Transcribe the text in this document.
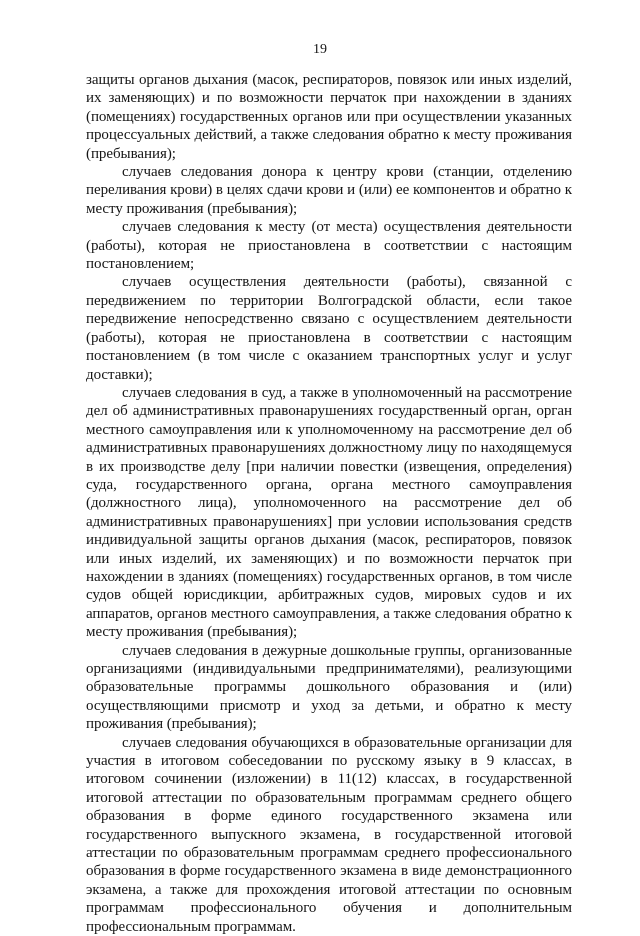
19

защиты органов дыхания (масок, респираторов, повязок или иных изделий, их заменяющих) и по возможности перчаток при нахождении в зданиях (помещениях) государственных органов или при осуществлении указанных процессуальных действий, а также следования обратно к месту проживания (пребывания);

случаев следования донора к центру крови (станции, отделению переливания крови) в целях сдачи крови и (или) ее компонентов и обратно к месту проживания (пребывания);

случаев следования к месту (от места) осуществления деятельности (работы), которая не приостановлена в соответствии с настоящим постановлением;

случаев осуществления деятельности (работы), связанной с передвижением по территории Волгоградской области, если такое передвижение непосредственно связано с осуществлением деятельности (работы), которая не приостановлена в соответствии с настоящим постановлением (в том числе с оказанием транспортных услуг и услуг доставки);

случаев следования в суд, а также в уполномоченный на рассмотрение дел об административных правонарушениях государственный орган, орган местного самоуправления или к уполномоченному на рассмотрение дел об административных правонарушениях должностному лицу по находящемуся в их производстве делу [при наличии повестки (извещения, определения) суда, государственного органа, органа местного самоуправления (должностного лица), уполномоченного на рассмотрение дел об административных правонарушениях] при условии использования средств индивидуальной защиты органов дыхания (масок, респираторов, повязок или иных изделий, их заменяющих) и по возможности перчаток при нахождении в зданиях (помещениях) государственных органов, в том числе судов общей юрисдикции, арбитражных судов, мировых судов и их аппаратов, органов местного самоуправления, а также следования обратно к месту проживания (пребывания);

случаев следования в дежурные дошкольные группы, организованные организациями (индивидуальными предпринимателями), реализующими образовательные программы дошкольного образования и (или) осуществляющими присмотр и уход за детьми, и обратно к месту проживания (пребывания);

случаев следования обучающихся в образовательные организации для участия в итоговом собеседовании по русскому языку в 9 классах, в итоговом сочинении (изложении) в 11(12) классах, в государственной итоговой аттестации по образовательным программам среднего общего образования в форме единого государственного экзамена или государственного выпускного экзамена, в государственной итоговой аттестации по образовательным программам среднего профессионального образования в форме государственного экзамена в виде демонстрационного экзамена, а также для прохождения итоговой аттестации по основным программам профессионального обучения и дополнительным профессиональным программам.
